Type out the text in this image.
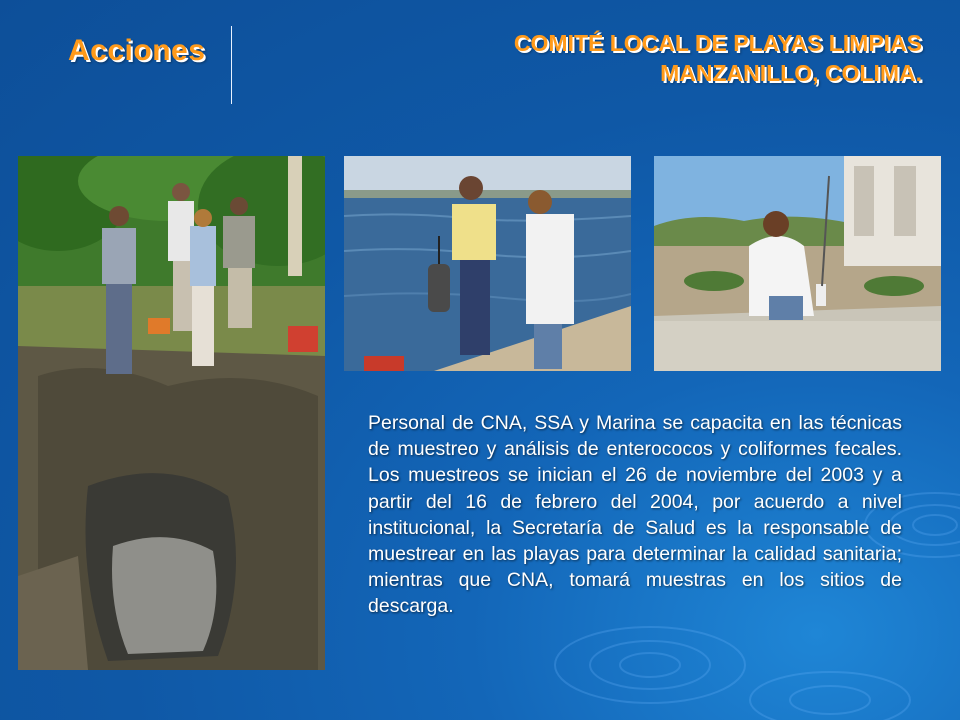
Acciones	COMITÉ LOCAL DE PLAYAS LIMPIAS
MANZANILLO, COLIMA.
Personal de CNA, SSA y Marina se capacita en las técnicas de muestreo y análisis de enterococos y coliformes fecales. Los muestreos se inician el 26 de noviembre del 2003 y a partir del 16 de febrero del 2004, por acuerdo a nivel institucional, la Secretaría de Salud es la responsable de muestrear en las playas para determinar la calidad sanitaria; mientras que CNA, tomará muestras en los sitios de descarga.
